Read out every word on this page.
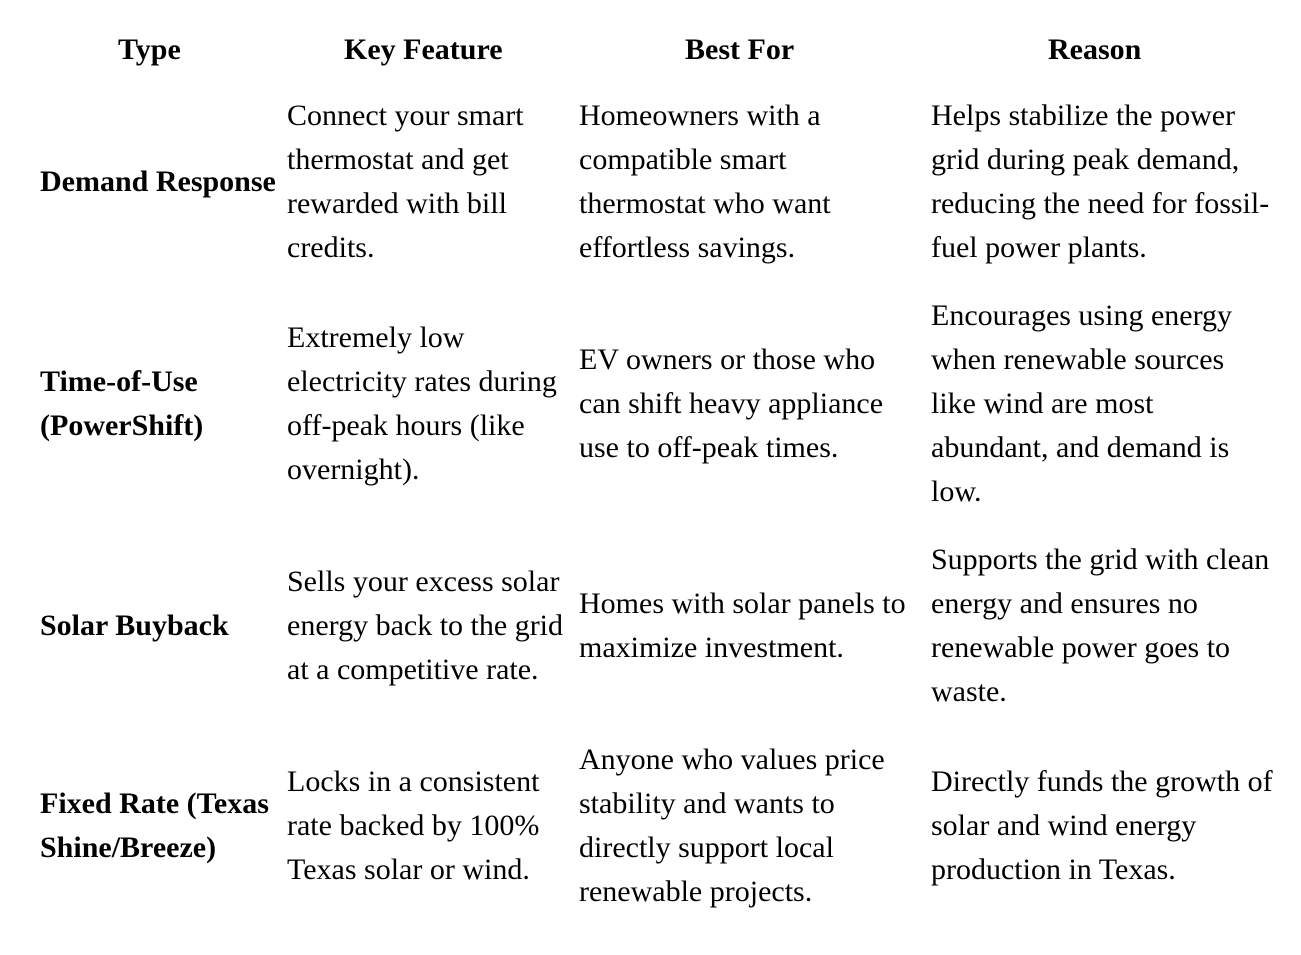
Type	Key Feature	Best For	Reason
Demand Response	Connect your smart thermostat and get rewarded with bill credits.	Homeowners with a compatible smart thermostat who want effortless savings.	Helps stabilize the power grid during peak demand, reducing the need for fossil-fuel power plants.
Time-of-Use (PowerShift)	Extremely low electricity rates during off-peak hours (like overnight).	EV owners or those who can shift heavy appliance use to off-peak times.	Encourages using energy when renewable sources like wind are most abundant, and demand is low.
Solar Buyback	Sells your excess solar energy back to the grid at a competitive rate.	Homes with solar panels to maximize investment.	Supports the grid with clean energy and ensures no renewable power goes to waste.
Fixed Rate (Texas Shine/Breeze)	Locks in a consistent rate backed by 100% Texas solar or wind.	Anyone who values price stability and wants to directly support local renewable projects.	Directly funds the growth of solar and wind energy production in Texas.
